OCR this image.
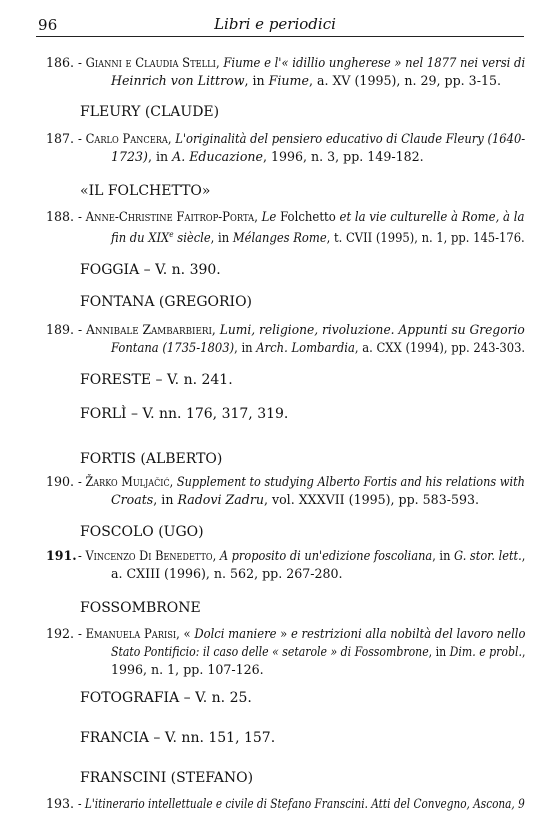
96	Libri e periodici
186. - Gianni e Claudia Stelli, Fiume e l'« idillio ungherese » nel 1877 nei versi di
Heinrich von Littrow, in Fiume, a. XV (1995), n. 29, pp. 3-15.
FLEURY (CLAUDE)
187. - Carlo Pancera, L'originalità del pensiero educativo di Claude Fleury (1640-
1723), in A. Educazione, 1996, n. 3, pp. 149-182.
«IL FOLCHETTO»
188. - Anne-Christine Faitrop-Porta, Le Folchetto et la vie culturelle à Rome, à la
fin du XIXe siècle, in Mélanges Rome, t. CVII (1995), n. 1, pp. 145-176.
FOGGIA – V. n. 390.
FONTANA (GREGORIO)
189. - Annibale Zambarbieri, Lumi, religione, rivoluzione. Appunti su Gregorio
Fontana (1735-1803), in Arch. Lombardia, a. CXX (1994), pp. 243-303.
FORESTE – V. n. 241.
FORLÌ – V. nn. 176, 317, 319.
FORTIS (ALBERTO)
190. - Žarko Muljačić, Supplement to studying Alberto Fortis and his relations with
Croats, in Radovi Zadru, vol. XXXVII (1995), pp. 583-593.
FOSCOLO (UGO)
191. - Vincenzo Di Benedetto, A proposito di un'edizione foscoliana, in G. stor. lett.,
a. CXIII (1996), n. 562, pp. 267-280.
FOSSOMBRONE
192. - Emanuela Parisi, « Dolci maniere » e restrizioni alla nobiltà del lavoro nello
Stato Pontificio: il caso delle « setarole » di Fossombrone, in Dim. e probl.,
1996, n. 1, pp. 107-126.
FOTOGRAFIA – V. n. 25.
FRANCIA – V. nn. 151, 157.
FRANSCINI (STEFANO)
193. - L'itinerario intellettuale e civile di Stefano Franscini. Atti del Convegno, Ascona, 9
